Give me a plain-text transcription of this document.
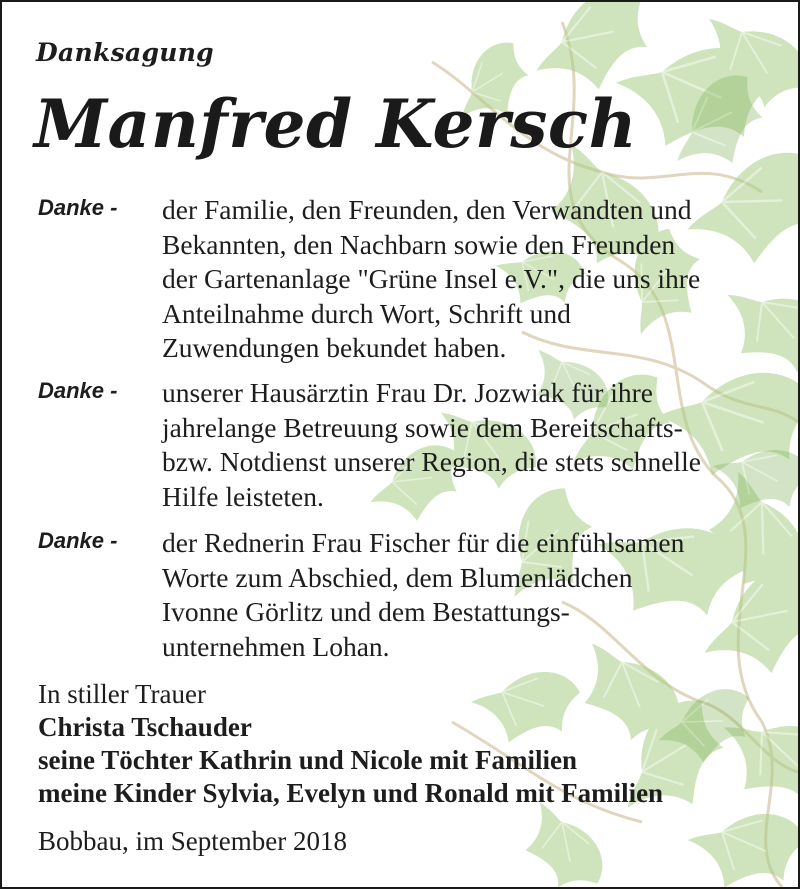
Danksagung
Manfred Kersch
Danke - der Familie, den Freunden, den Verwandten und
Bekannten, den Nachbarn sowie den Freunden
der Gartenanlage "Grüne Insel e.V.", die uns ihre
Anteilnahme durch Wort, Schrift und
Zuwendungen bekundet haben.
Danke - unserer Hausärztin Frau Dr. Jozwiak für ihre
jahrelange Betreuung sowie dem Bereitschafts-
bzw. Notdienst unserer Region, die stets schnelle
Hilfe leisteten.
Danke - der Rednerin Frau Fischer für die einfühlsamen
Worte zum Abschied, dem Blumenlädchen
Ivonne Görlitz und dem Bestattungs-
unternehmen Lohan.
In stiller Trauer
Christa Tschauder
seine Töchter Kathrin und Nicole mit Familien
meine Kinder Sylvia, Evelyn und Ronald mit Familien
Bobbau, im September 2018
